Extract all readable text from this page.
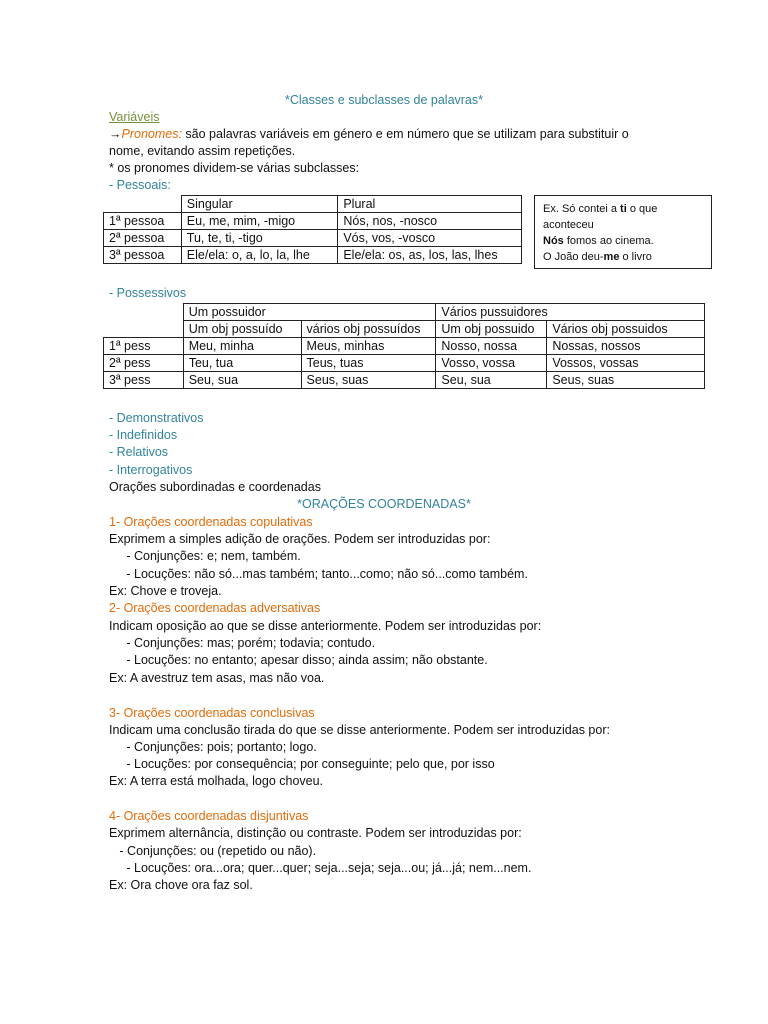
*Classes e subclasses de palavras*
Variáveis
→Pronomes: são palavras variáveis em género e em número que se utilizam para substituir o
nome, evitando assim repetições.
* os pronomes dividem-se várias subclasses:
- Pessoais:
	Singular	Plural
1ª pessoa	Eu, me, mim, -migo	Nós, nos, -nosco
2ª pessoa	Tu, te, ti, -tigo	Vós, vos, -vosco
3ª pessoa	Ele/ela: o, a, lo, la, lhe	Ele/ela: os, as, los, las, lhes
Ex. Só contei a ti o que
aconteceu
Nós fomos ao cinema.
O João deu-me o livro
- Possessivos
	Um possuidor		Vários pussuidores	
	Um obj possuído	vários obj possuídos	Um obj possuido	Vários obj possuidos
1ª pess	Meu, minha	Meus, minhas	Nosso, nossa	Nossas, nossos
2ª pess	Teu, tua	Teus, tuas	Vosso, vossa	Vossos, vossas
3ª pess	Seu, sua	Seus, suas	Seu, sua	Seus, suas
- Demonstrativos
- Indefinidos
- Relativos
- Interrogativos
Orações subordinadas e coordenadas
*ORAÇÕES COORDENADAS*
1- Orações coordenadas copulativas
Exprimem a simples adição de orações. Podem ser introduzidas por:
- Conjunções: e; nem, também.
- Locuções: não só...mas também; tanto...como; não só...como também.
Ex: Chove e troveja.
2- Orações coordenadas adversativas
Indicam oposição ao que se disse anteriormente. Podem ser introduzidas por:
- Conjunções: mas; porém; todavia; contudo.
- Locuções: no entanto; apesar disso; ainda assim; não obstante.
Ex: A avestruz tem asas, mas não voa.
3- Orações coordenadas conclusivas
Indicam uma conclusão tirada do que se disse anteriormente. Podem ser introduzidas por:
- Conjunções: pois; portanto; logo.
- Locuções: por consequência; por conseguinte; pelo que, por isso
Ex: A terra está molhada, logo choveu.
4- Orações coordenadas disjuntivas
Exprimem alternância, distinção ou contraste. Podem ser introduzidas por:
- Conjunções: ou (repetido ou não).
- Locuções: ora...ora; quer...quer; seja...seja; seja...ou; já...já; nem...nem.
Ex: Ora chove ora faz sol.
